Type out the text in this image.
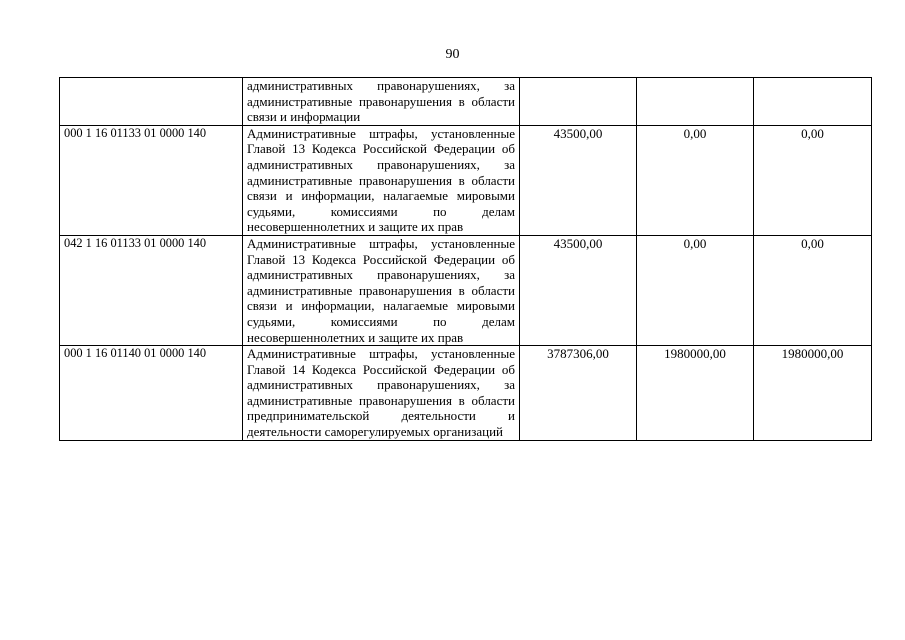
90
	административных правонарушениях, за административные правонарушения в области связи и информации			
000 1 16 01133 01 0000 140	Административные штрафы, установленные Главой 13 Кодекса Российской Федерации об административных правонарушениях, за административные правонарушения в области связи и информации, налагаемые мировыми судьями, комиссиями по делам несовершеннолетних и защите их прав	43500,00	0,00	0,00
042 1 16 01133 01 0000 140	Административные штрафы, установленные Главой 13 Кодекса Российской Федерации об административных правонарушениях, за административные правонарушения в области связи и информации, налагаемые мировыми судьями, комиссиями по делам несовершеннолетних и защите их прав	43500,00	0,00	0,00
000 1 16 01140 01 0000 140	Административные штрафы, установленные Главой 14 Кодекса Российской Федерации об административных правонарушениях, за административные правонарушения в области предпринимательской деятельности и деятельности саморегулируемых организаций	3787306,00	1980000,00	1980000,00
